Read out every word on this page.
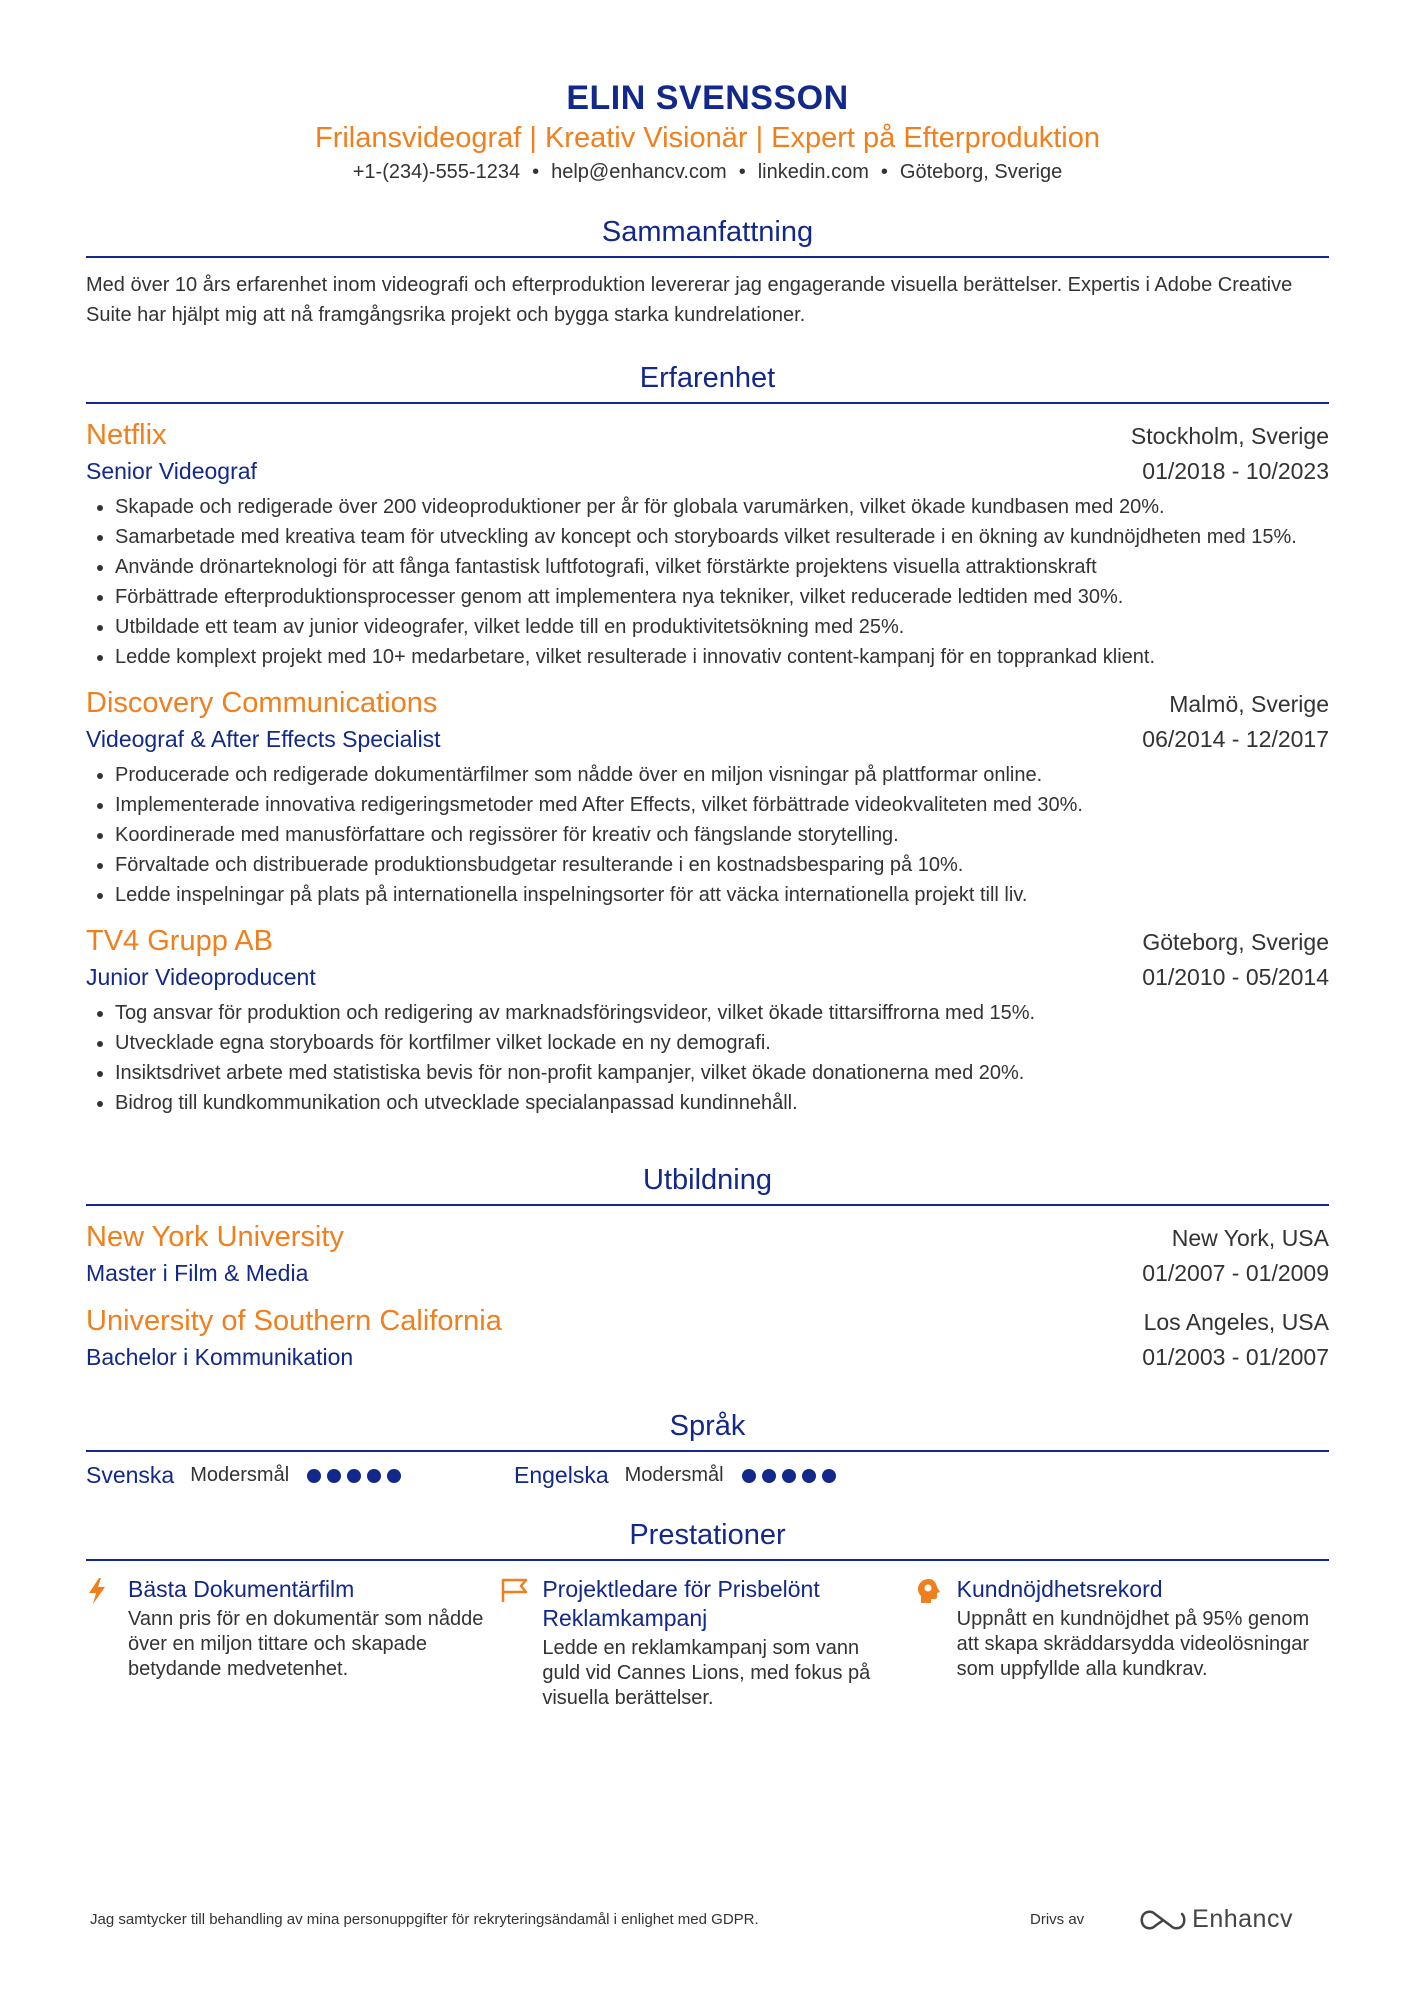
ELIN SVENSSON
Frilansvideograf | Kreativ Visionär | Expert på Efterproduktion
+1-(234)-555-1234 • help@enhancv.com • linkedin.com • Göteborg, Sverige
Sammanfattning
Med över 10 års erfarenhet inom videografi och efterproduktion levererar jag engagerande visuella berättelser. Expertis i Adobe Creative Suite har hjälpt mig att nå framgångsrika projekt och bygga starka kundrelationer.
Erfarenhet
Netflix	Stockholm, Sverige
Senior Videograf	01/2018 - 10/2023
• Skapade och redigerade över 200 videoproduktioner per år för globala varumärken, vilket ökade kundbasen med 20%.
• Samarbetade med kreativa team för utveckling av koncept och storyboards vilket resulterade i en ökning av kundnöjdheten med 15%.
• Använde drönarteknologi för att fånga fantastisk luftfotografi, vilket förstärkte projektens visuella attraktionskraft
• Förbättrade efterproduktionsprocesser genom att implementera nya tekniker, vilket reducerade ledtiden med 30%.
• Utbildade ett team av junior videografer, vilket ledde till en produktivitetsökning med 25%.
• Ledde komplext projekt med 10+ medarbetare, vilket resulterade i innovativ content-kampanj för en topprankad klient.
Discovery Communications	Malmö, Sverige
Videograf & After Effects Specialist	06/2014 - 12/2017
• Producerade och redigerade dokumentärfilmer som nådde över en miljon visningar på plattformar online.
• Implementerade innovativa redigeringsmetoder med After Effects, vilket förbättrade videokvaliteten med 30%.
• Koordinerade med manusförfattare och regissörer för kreativ och fängslande storytelling.
• Förvaltade och distribuerade produktionsbudgetar resulterande i en kostnadsbesparing på 10%.
• Ledde inspelningar på plats på internationella inspelningsorter för att väcka internationella projekt till liv.
TV4 Grupp AB	Göteborg, Sverige
Junior Videoproducent	01/2010 - 05/2014
• Tog ansvar för produktion och redigering av marknadsföringsvideor, vilket ökade tittarsiffrorna med 15%.
• Utvecklade egna storyboards för kortfilmer vilket lockade en ny demografi.
• Insiktsdrivet arbete med statistiska bevis för non-profit kampanjer, vilket ökade donationerna med 20%.
• Bidrog till kundkommunikation och utvecklade specialanpassad kundinnehåll.
Utbildning
New York University	New York, USA
Master i Film & Media	01/2007 - 01/2009
University of Southern California	Los Angeles, USA
Bachelor i Kommunikation	01/2003 - 01/2007
Språk
Svenska Modersmål	Engelska Modersmål
Prestationer
Bästa Dokumentärfilm
Vann pris för en dokumentär som nådde över en miljon tittare och skapade betydande medvetenhet.
Projektledare för Prisbelönt Reklamkampanj
Ledde en reklamkampanj som vann guld vid Cannes Lions, med fokus på visuella berättelser.
Kundnöjdhetsrekord
Uppnått en kundnöjdhet på 95% genom att skapa skräddarsydda videolösningar som uppfyllde alla kundkrav.
Jag samtycker till behandling av mina personuppgifter för rekryteringsändamål i enlighet med GDPR.	Drivs av	Enhancv
